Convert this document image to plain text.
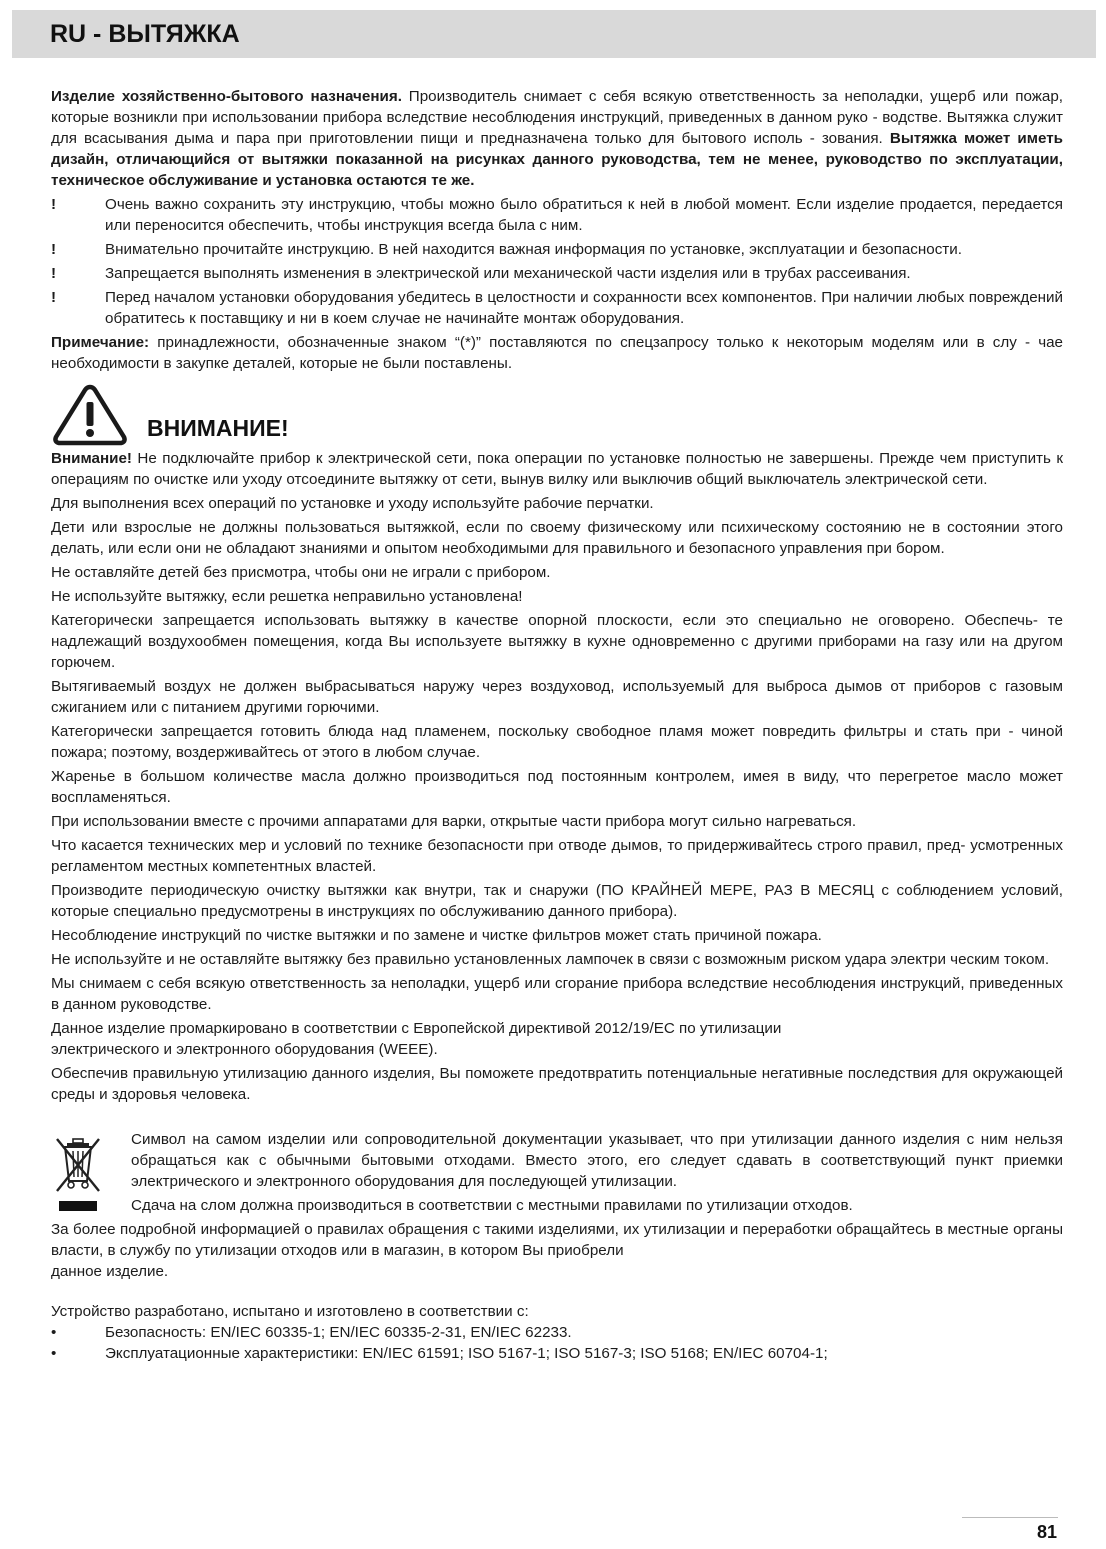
RU - ВЫТЯЖКА

Изделие хозяйственно-бытового назначения. Производитель снимает с себя всякую ответственность за неполадки, ущерб или пожар, которые возникли при использовании прибора вследствие несоблюдения инструкций, приведенных в данном руко - водстве. Вытяжка служит для всасывания дыма и пара при приготовлении пищи и предназначена только для бытового исполь - зования. Вытяжка может иметь дизайн, отличающийся от вытяжки показанной на рисунках данного руководства, тем не менее, руководство по эксплуатации, техническое обслуживание и установка остаются те же.

!	Очень важно сохранить эту инструкцию, чтобы можно было обратиться к ней в любой момент. Если изделие продается, передается или переносится обеспечить, чтобы инструкция всегда была с ним.
!	Внимательно прочитайте инструкцию. В ней находится важная информация по установке, эксплуатации и безопасности.
!	Запрещается выполнять изменения в электрической или механической части изделия или в трубах рассеивания.
!	Перед началом установки оборудования убедитесь в целостности и сохранности всех компонентов. При наличии любых повреждений обратитесь к поставщику и ни в коем случае не начинайте монтаж оборудования.

Примечание: принадлежности, обозначенные знаком “(*)” поставляются по спецзапросу только к некоторым моделям или в слу - чае необходимости в закупке деталей, которые не были поставлены.

ВНИМАНИЕ!

Внимание! Не подключайте прибор к электрической сети, пока операции по установке полностью не завершены. Прежде чем приступить к операциям по очистке или уходу отсоедините вытяжку от сети, вынув вилку или выключив общий выключатель электрической сети.

Для выполнения всех операций по установке и уходу используйте рабочие перчатки.

Дети или взрослые не должны пользоваться вытяжкой, если по своему физическому или психическому состоянию не в состоянии этого делать, или если они не обладают знаниями и опытом необходимыми для правильного и безопасного управления при бором.

Не оставляйте детей без присмотра, чтобы они не играли с прибором.

Не используйте вытяжку, если решетка неправильно установлена!

Категорически запрещается использовать вытяжку в качестве опорной плоскости, если это специально не оговорено. Обеспечь- те надлежащий воздухообмен помещения, когда Вы используете вытяжку в кухне одновременно с другими приборами на газу или на другом горючем.

Вытягиваемый воздух не должен выбрасываться наружу через воздуховод, используемый для выброса дымов от приборов с газовым сжиганием или с питанием другими горючими.

Категорически запрещается готовить блюда над пламенем, поскольку свободное пламя может повредить фильтры и стать при - чиной пожара; поэтому, воздерживайтесь от этого в любом случае.

Жаренье в большом количестве масла должно производиться под постоянным контролем, имея в виду, что перегретое масло может воспламеняться.

При использовании вместе с прочими аппаратами для варки, открытые части прибора могут сильно нагреваться.

Что касается технических мер и условий по технике безопасности при отводе дымов, то придерживайтесь строго правил, пред- усмотренных регламентом местных компетентных властей.

Производите периодическую очистку вытяжки как внутри, так и снаружи (ПО КРАЙНЕЙ МЕРЕ, РАЗ В МЕСЯЦ с соблюдением условий, которые специально предусмотрены в инструкциях по обслуживанию данного прибора).

Несоблюдение инструкций по чистке вытяжки и по замене и чистке фильтров может стать причиной пожара.

Не используйте и не оставляйте вытяжку без правильно установленных лампочек в связи с возможным риском удара электри ческим током.

Мы снимаем с себя всякую ответственность за неполадки, ущерб или сгорание прибора вследствие несоблюдения инструкций, приведенных в данном руководстве.

Данное изделие промаркировано в соответствии с Европейской директивой 2012/19/EC по утилизации

электрического и электронного оборудования (WEEE).

Обеспечив правильную утилизацию данного изделия, Вы поможете предотвратить потенциальные негативные последствия для окружающей среды и здоровья человека.

Символ на самом изделии или сопроводительной документации указывает, что при утилизации данного изделия с ним нельзя обращаться как с обычными бытовыми отходами. Вместо этого, его следует сдавать в соответствующий пункт приемки электрического и электронного оборудования для последующей утилизации.

Сдача на слом должна производиться в соответствии с местными правилами по утилизации отходов.

За более подробной информацией о правилах обращения с такими изделиями, их утилизации и переработки обращайтесь в местные органы власти, в службу по утилизации отходов или в магазин, в котором Вы приобрели

данное изделие.

Устройство разработано, испытано и изготовлено в соответствии с:

•	Безопасность: EN/IEC 60335-1; EN/IEC 60335-2-31, EN/IEC 62233.
•	Эксплуатационные характеристики: EN/IEC 61591; ISO 5167-1; ISO 5167-3; ISO 5168; EN/IEC 60704-1;
81
